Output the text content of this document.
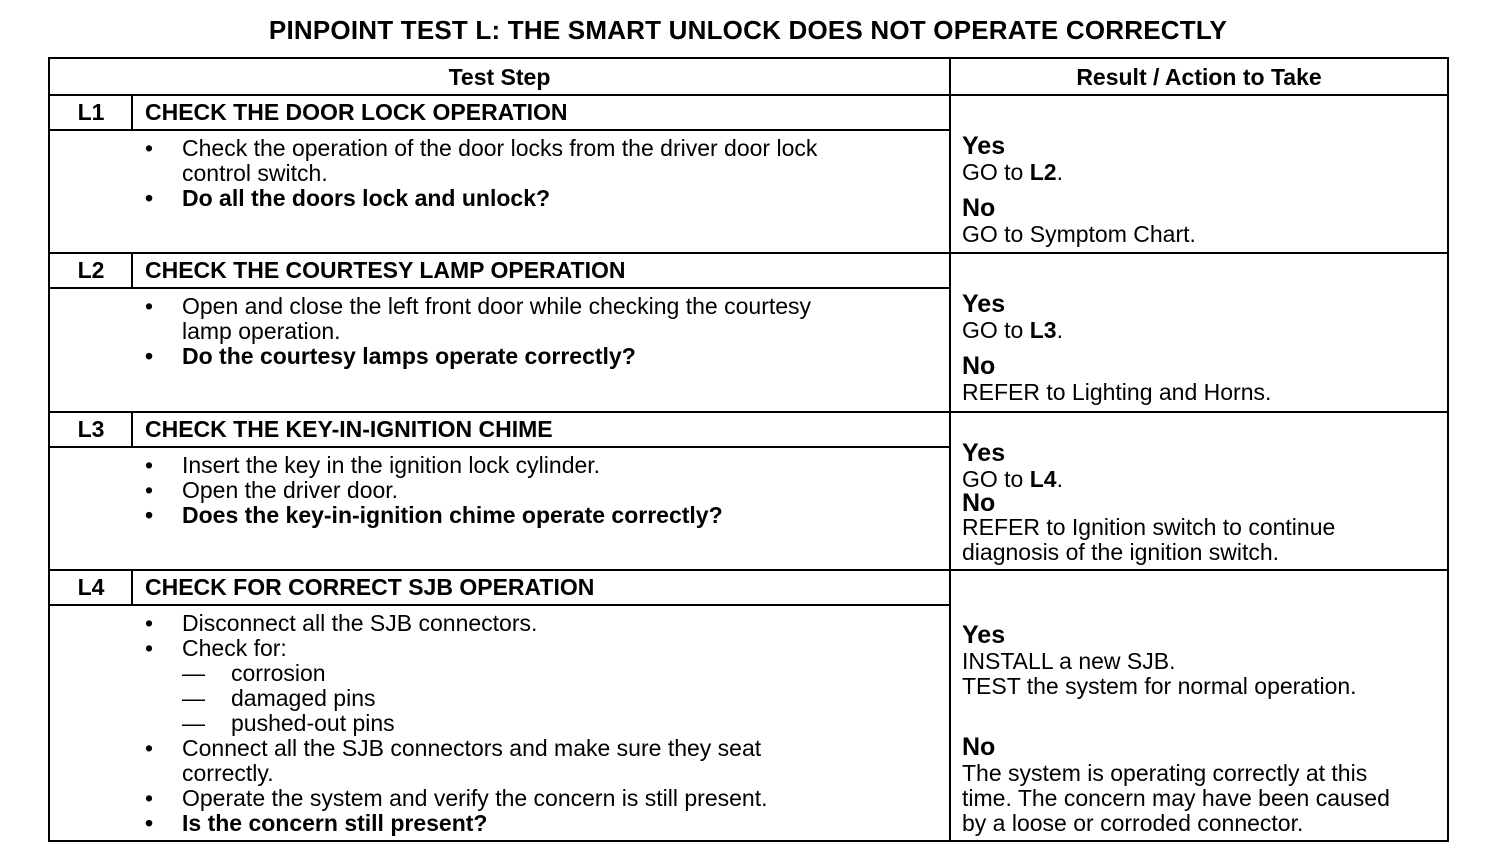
PINPOINT TEST L: THE SMART UNLOCK DOES NOT OPERATE CORRECTLY
Test Step	Result / Action to Take
L1	CHECK THE DOOR LOCK OPERATION
• Check the operation of the door locks from the driver door lock
control switch.
• Do all the doors lock and unlock?
Yes
GO to L2.
No
GO to Symptom Chart.
L2	CHECK THE COURTESY LAMP OPERATION
• Open and close the left front door while checking the courtesy
lamp operation.
• Do the courtesy lamps operate correctly?
Yes
GO to L3.
No
REFER to Lighting and Horns.
L3	CHECK THE KEY-IN-IGNITION CHIME
• Insert the key in the ignition lock cylinder.
• Open the driver door.
• Does the key-in-ignition chime operate correctly?
Yes
GO to L4.
No
REFER to Ignition switch to continue
diagnosis of the ignition switch.
L4	CHECK FOR CORRECT SJB OPERATION
• Disconnect all the SJB connectors.
• Check for:
— corrosion
— damaged pins
— pushed-out pins
• Connect all the SJB connectors and make sure they seat
correctly.
• Operate the system and verify the concern is still present.
• Is the concern still present?
Yes
INSTALL a new SJB.
TEST the system for normal operation.
No
The system is operating correctly at this
time. The concern may have been caused
by a loose or corroded connector.
